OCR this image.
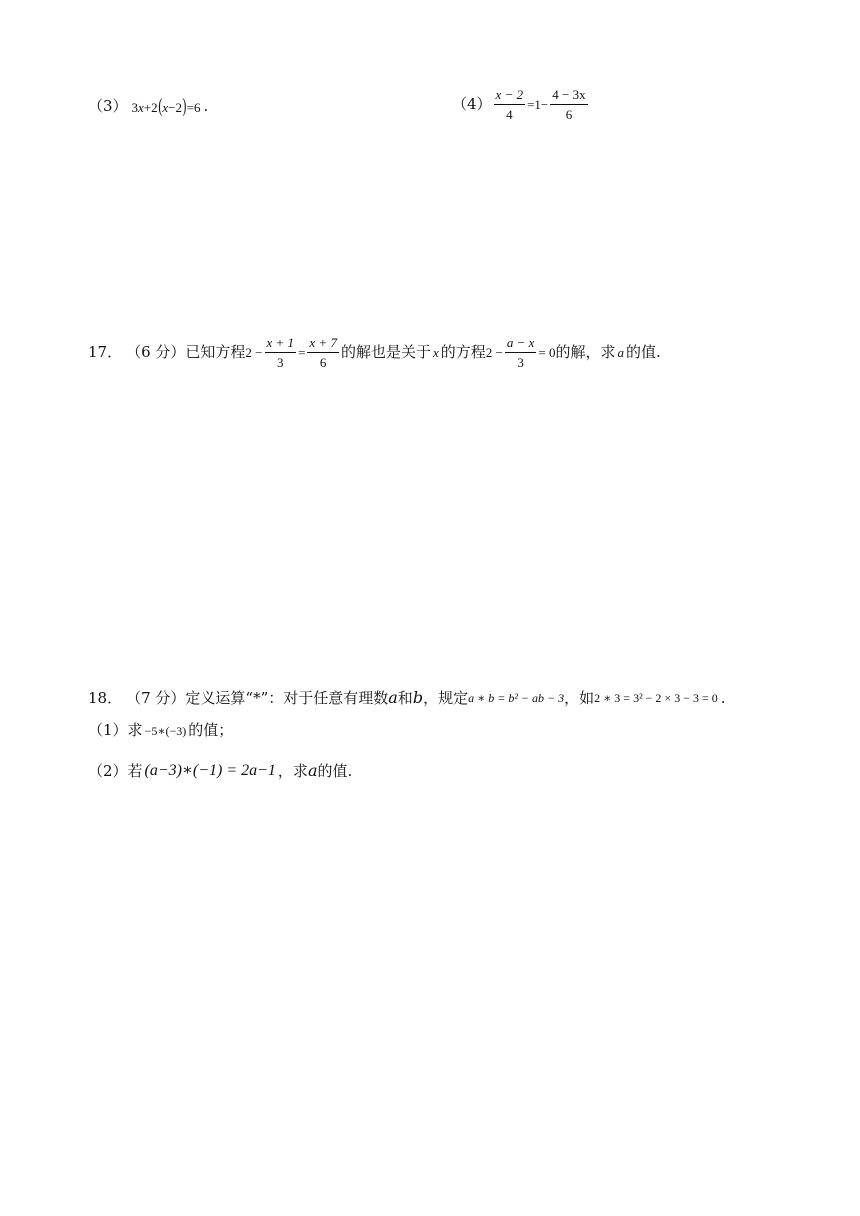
（3） 3x+2(x−2)=6 .	$(4) \frac{x - 2}{4} =1- \frac{4 - 3x}{6}$
17． （6 分） 已知方程 $2 - \frac{x + 1}{3} = \frac{x + 7}{6}$ 的解也是关于 x 的方程 $2 - \frac{a - x}{3} = 0$ 的解，求 a 的值.
18． （7 分） 定义运算“*”：对于任意有理数 a 和 b ，规定 a ∗ b = b² − ab − 3 ，如 2 ∗ 3 = 3² − 2 × 3 − 3 = 0 .
（1）求 −5∗(−3) 的值；
（2）若 (a−3)∗(−1) = 2a−1 ，求 a 的值.
